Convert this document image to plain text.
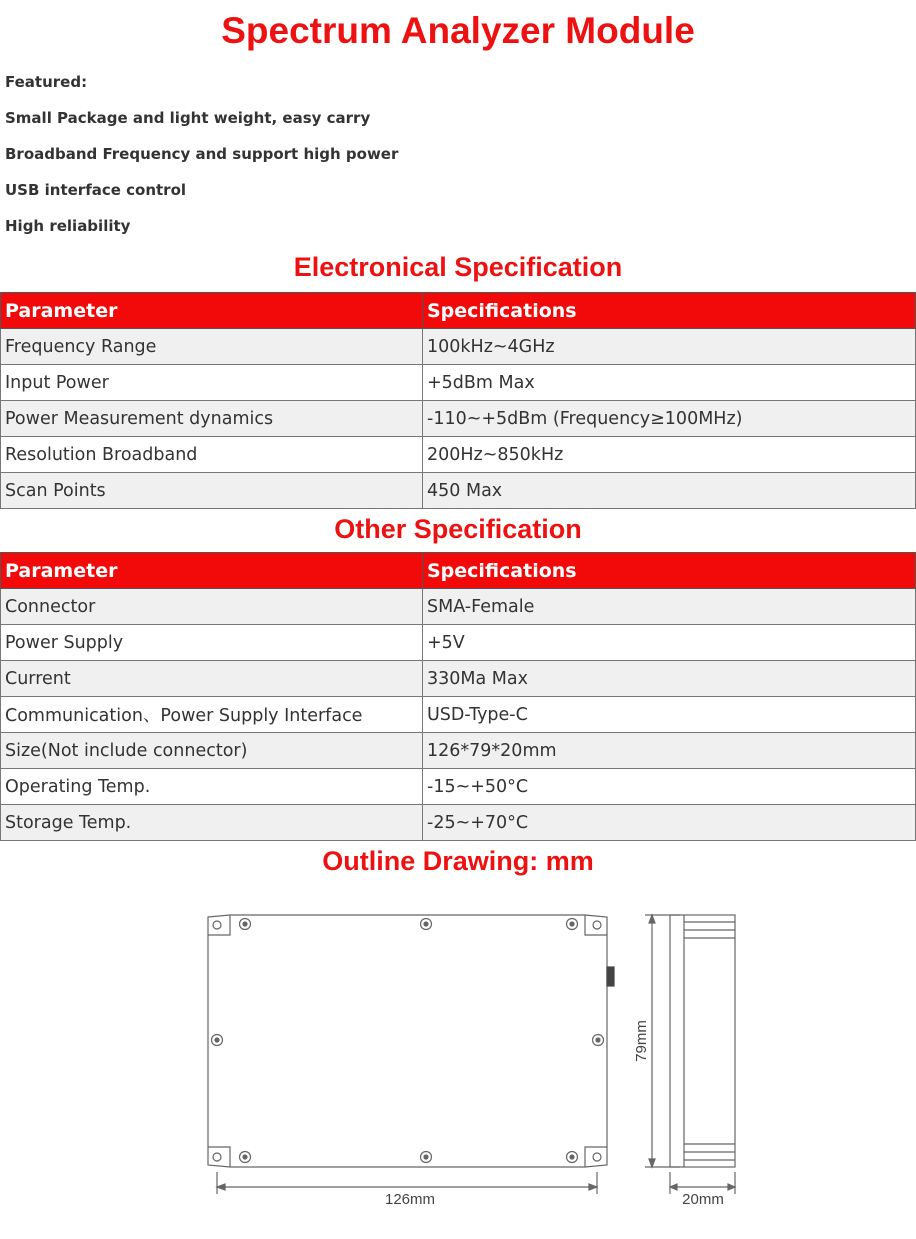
Spectrum Analyzer Module
Featured:
Small Package and light weight, easy carry
Broadband Frequency and support high power
USB interface control
High reliability
Electronical Specification
Parameter	Specifications
Frequency Range	100kHz~4GHz
Input Power	+5dBm Max
Power Measurement dynamics	-110~+5dBm (Frequency≥100MHz)
Resolution Broadband	200Hz~850kHz
Scan Points	450 Max
Other Specification
Parameter	Specifications
Connector	SMA-Female
Power Supply	+5V
Current	330Ma Max
Communication、Power Supply Interface	USD-Type-C
Size(Not include connector)	126*79*20mm
Operating Temp.	-15~+50°C
Storage Temp.	-25~+70°C
Outline Drawing: mm
126mm	20mm
79mm
